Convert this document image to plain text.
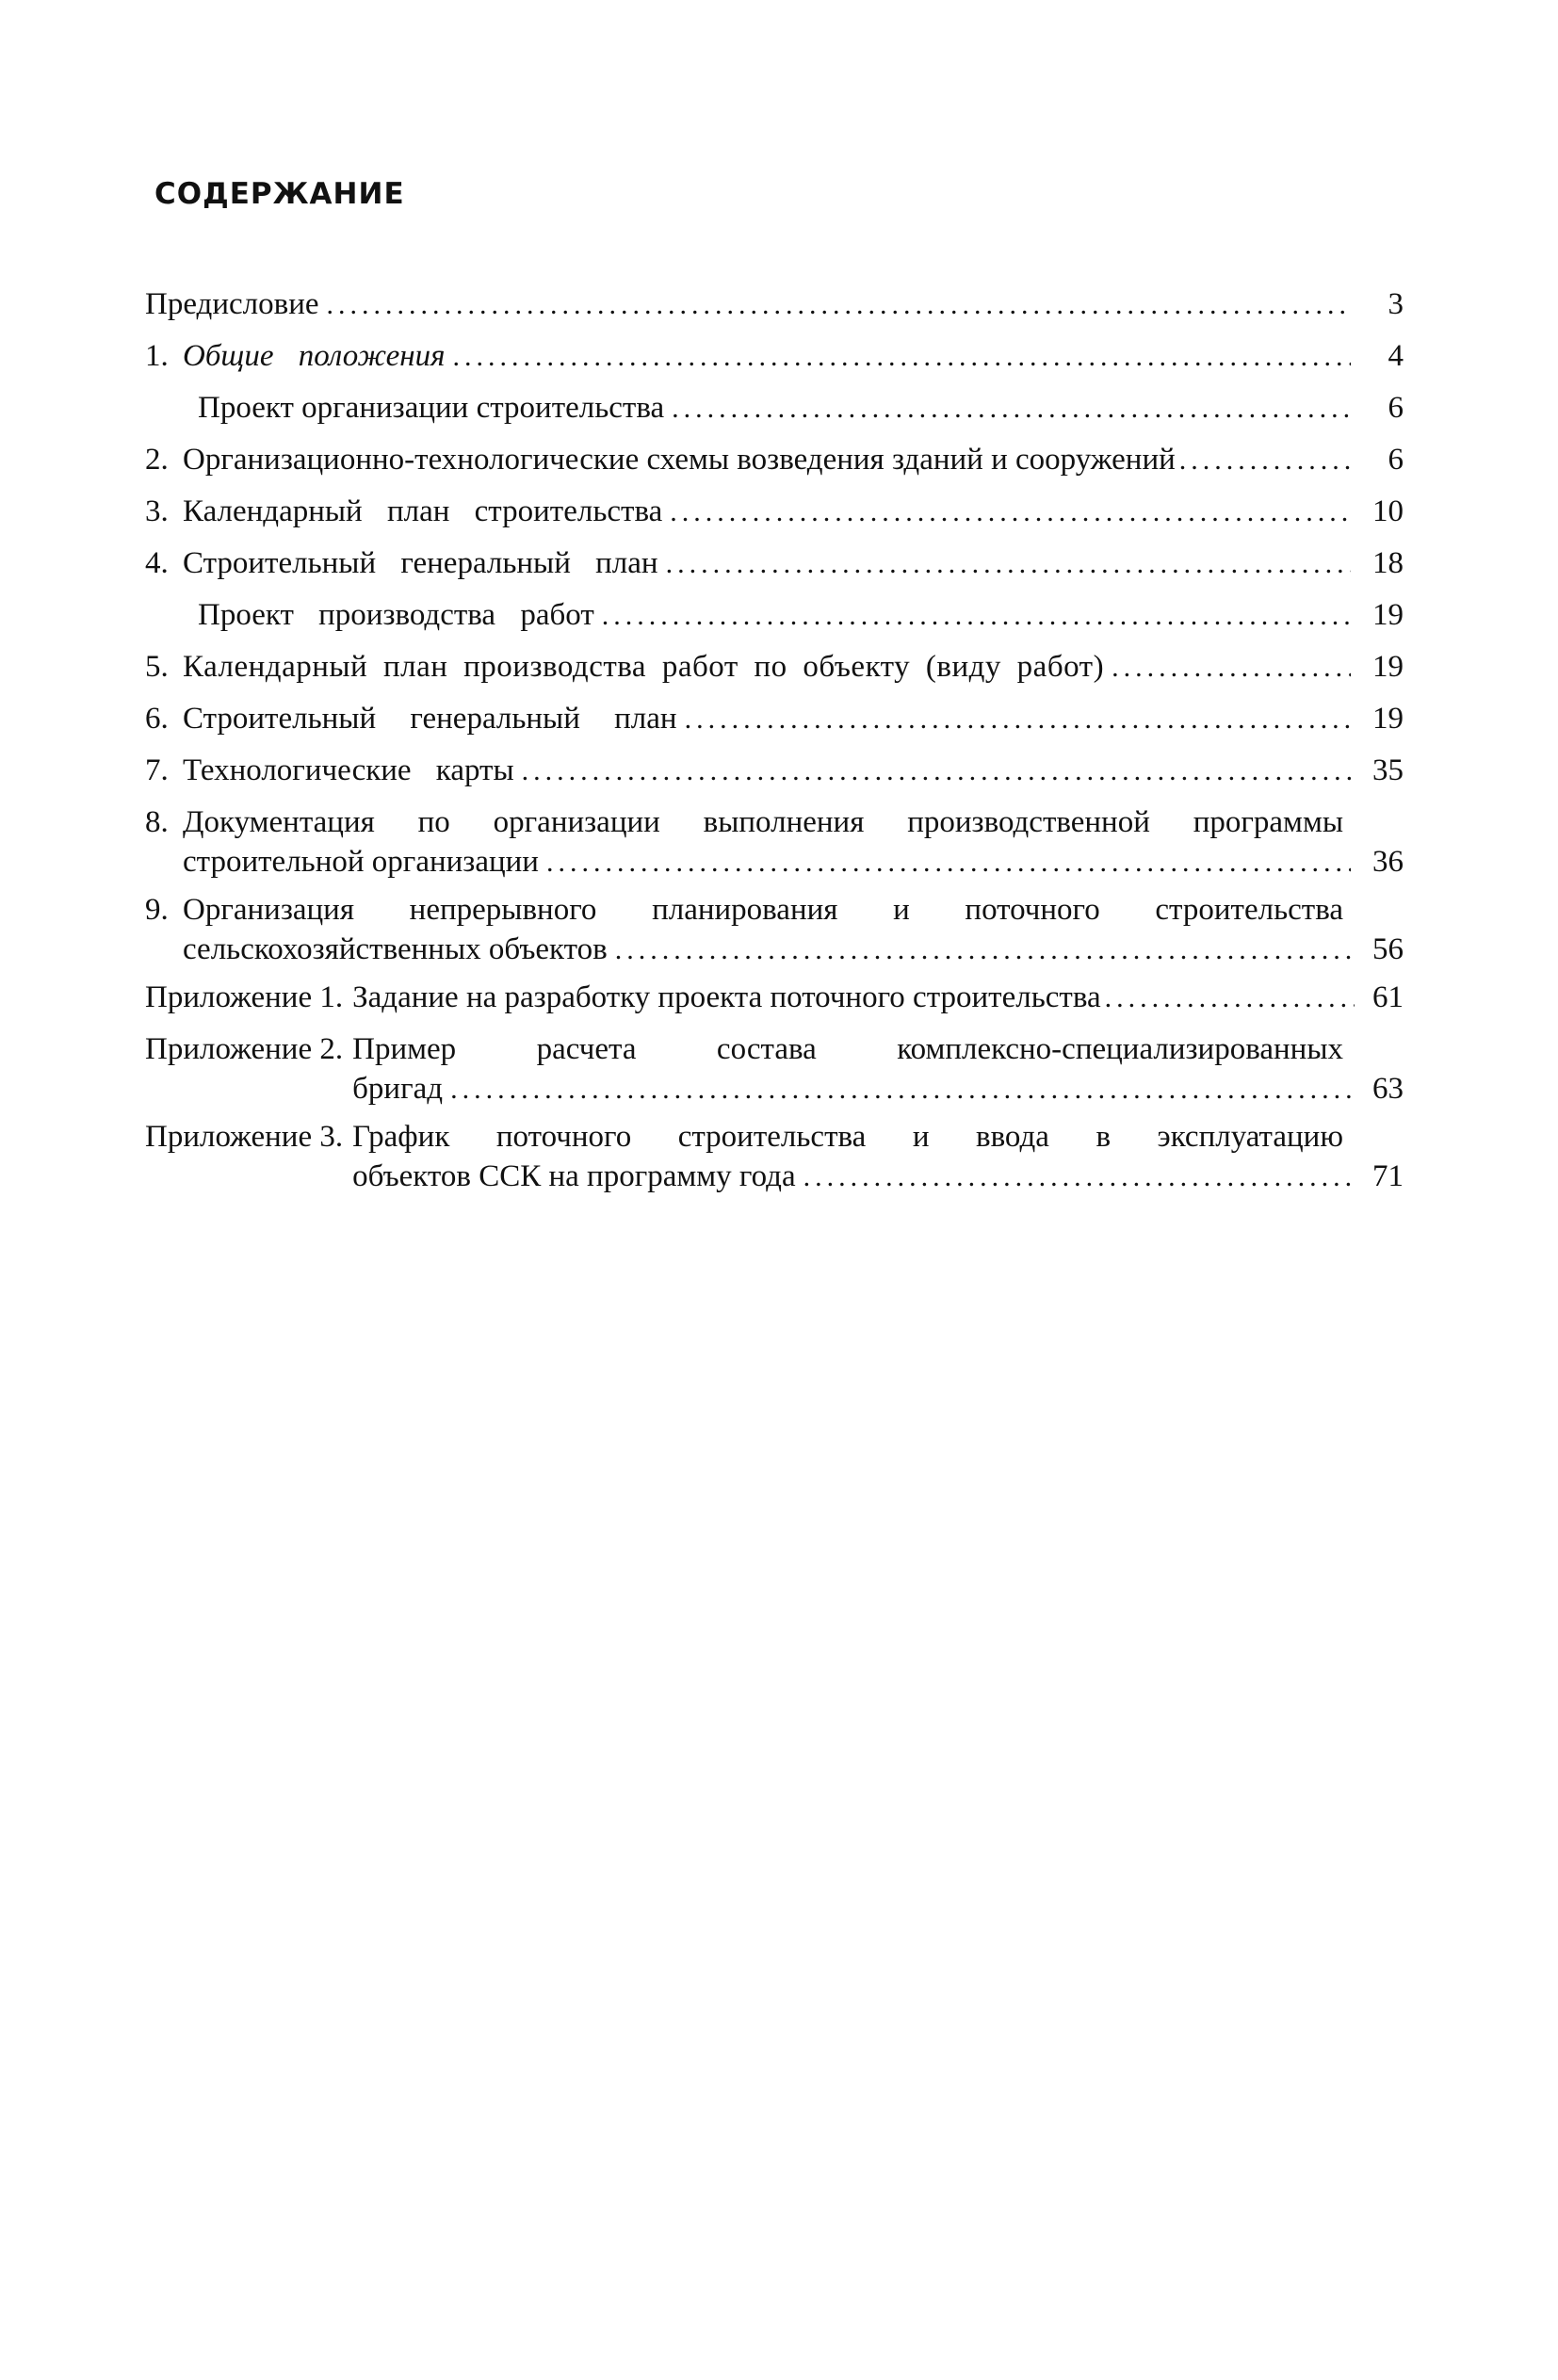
СОДЕРЖАНИЕ
Предисловие .....	3
1. Общие положения .....	4
Проект организации строительства .....	6
2. Организационно-технологические схемы возведения зданий и сооружений .....	6
3. Календарный план строительства .....	10
4. Строительный генеральный план .....	18
Проект производства работ .....	19
5. Календарный план производства работ по объекту (виду работ) .....	19
6. Строительный генеральный план .....	19
7. Технологические карты .....	35
8. Документация по организации выполнения производственной программы
строительной организации .....	36
9. Организация непрерывного планирования и поточного строительства
сельскохозяйственных объектов .....	56
Приложение 1. Задание на разработку проекта поточного строительства .....	61
Приложение 2. Пример расчета состава комплексно-специализированных
бригад .....	63
Приложение 3. График поточного строительства и ввода в эксплуатацию
объектов ССК на программу года .....	71
